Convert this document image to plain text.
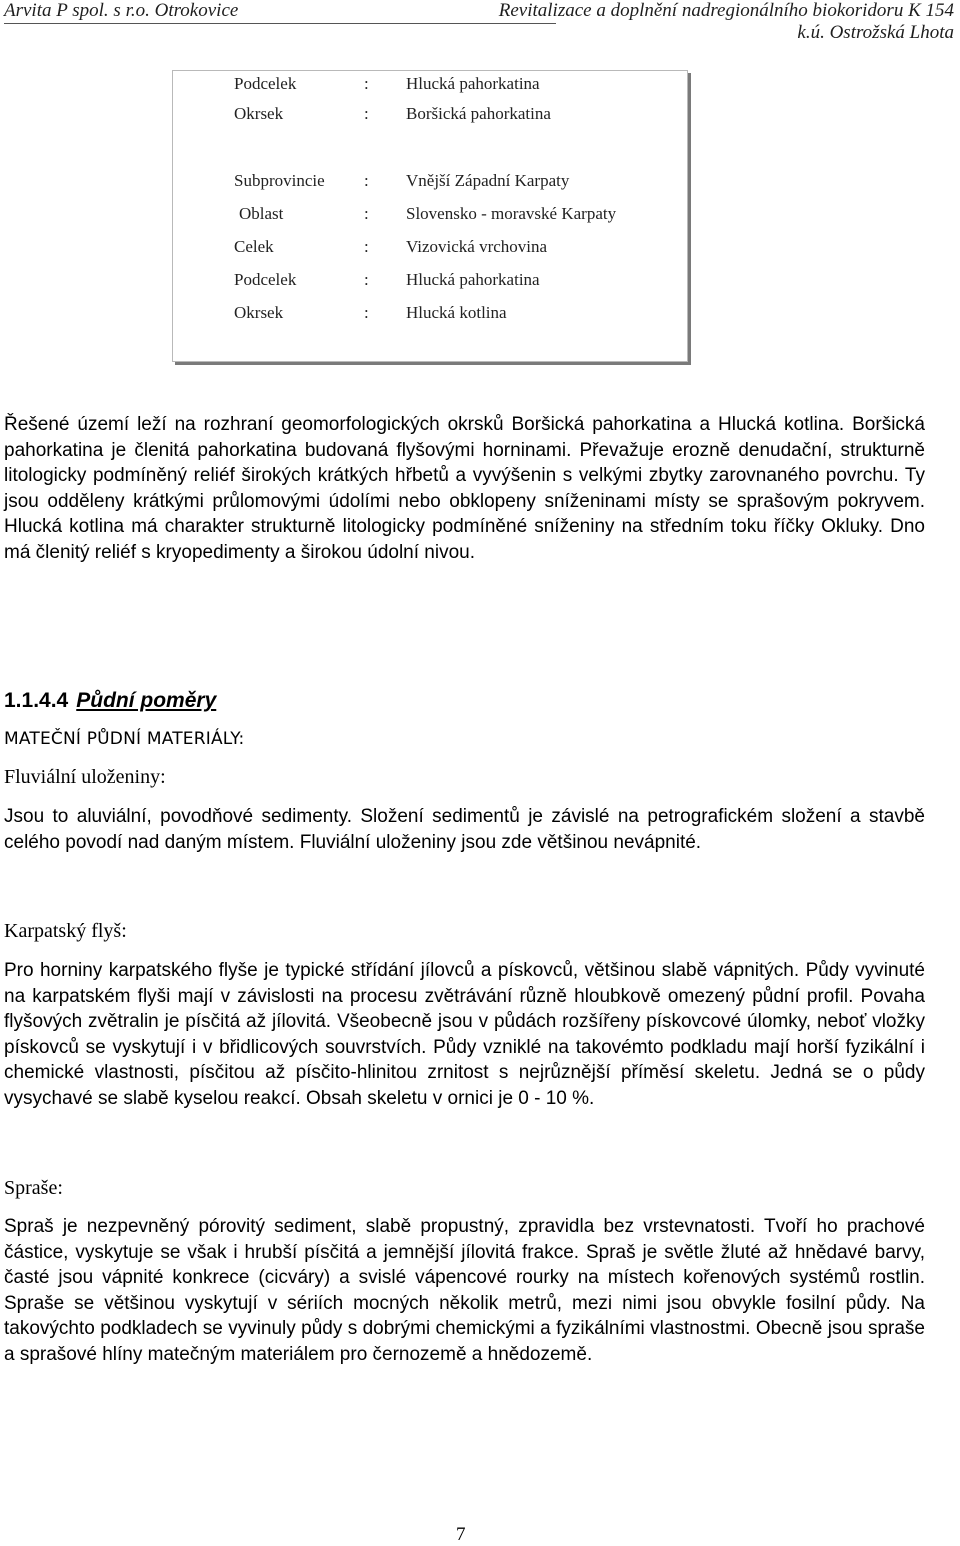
Arvita P spol. s r.o. Otrokovice	Revitalizace a doplnění nadregionálního biokoridoru K 154
k.ú. Ostrožská Lhota
Podcelek	: Hlucká pahorkatina
Okrsek	: Boršická pahorkatina
Subprovincie : Vnější Západní Karpaty
Oblast	: Slovensko - moravské Karpaty
Celek	: Vizovická vrchovina
Podcelek	: Hlucká pahorkatina
Okrsek	: Hlucká kotlina

Řešené území leží na rozhraní geomorfologických okrsků Boršická pahorkatina a Hlucká kotlina. Boršická pahorkatina je členitá pahorkatina budovaná flyšovými horninami. Převažuje erozně denudační, strukturně litologicky podmíněný reliéf širokých krátkých hřbetů a vyvýšenin s velkými zbytky zarovnaného povrchu. Ty jsou odděleny krátkými průlomovými údolími nebo obklopeny sníženinami místy se sprašovým pokryvem. Hlucká kotlina má charakter strukturně litologicky podmíněné sníženiny na středním toku říčky Okluky. Dno má členitý reliéf s kryopedimenty a širokou údolní nivou.

1.1.4.4 Půdní poměry
MATEČNÍ PŮDNÍ MATERIÁLY:
Fluviální uloženiny:

Jsou to aluviální, povodňové sedimenty. Složení sedimentů je závislé na petrografickém složení a stavbě celého povodí nad daným místem. Fluviální uloženiny jsou zde většinou nevápnité.

Karpatský flyš:

Pro horniny karpatského flyše je typické střídání jílovců a pískovců, většinou slabě vápnitých. Půdy vyvinuté na karpatském flyši mají v závislosti na procesu zvětrávání různě hloubkově omezený půdní profil. Povaha flyšových zvětralin je písčitá až jílovitá. Všeobecně jsou v půdách rozšířeny pískovcové úlomky, neboť vložky pískovců se vyskytují i v břidlicových souvrstvích. Půdy vzniklé na takovémto podkladu mají horší fyzikální i chemické vlastnosti, písčitou až písčito-hlinitou zrnitost s nejrůznější příměsí skeletu. Jedná se o půdy vysychavé se slabě kyselou reakcí. Obsah skeletu v ornici je 0 - 10 %.

Spraše:

Spraš je nezpevněný pórovitý sediment, slabě propustný, zpravidla bez vrstevnatosti. Tvoří ho prachové částice, vyskytuje se však i hrubší písčitá a jemnější jílovitá frakce. Spraš je světle žluté až hnědavé barvy, časté jsou vápnité konkrece (cicváry) a svislé vápencové rourky na místech kořenových systémů rostlin. Spraše se většinou vyskytují v sériích mocných několik metrů, mezi nimi jsou obvykle fosilní půdy. Na takovýchto podkladech se vyvinuly půdy s dobrými chemickými a fyzikálními vlastnostmi. Obecně jsou spraše a sprašové hlíny matečným materiálem pro černozemě a hnědozemě.

7
